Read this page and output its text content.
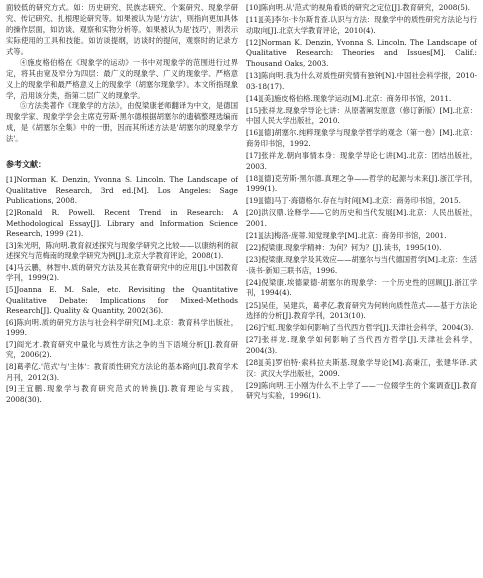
面较低的研究方式。如：历史研究、民族志研究、个案研究、现象学研究、传记研究、扎根理论研究等。如果被认为是'方法'，则指向更加具体的操作层面，如访谈、观察和实物分析等。如果被认为是'技巧'，则表示实际使用的工具和技能。如访谈提纲，访谈时的提问，观察时的记录方式等。

④施皮格伯格在《现象学的运动》一书中对现象学的范围进行过界定，将其由宽及窄分为四层：最广义的现象学、广义的现象学、严格意义上的现象学和最严格意义上的现象学（胡塞尔现象学）。本文所指现象学，沿用该分类，指第二层广义的现象学。

⑤方法类著作《现象学的方法》，由倪梁康老师翻译为中文，是德国现象学家、现象学学会主席克劳斯·黑尔德根据胡塞尔的遗稿整理选编而成，是《胡塞尔全集》中的一册，因而其所述方法是'胡塞尔的现象学方法'。

参考文献：

[1]Norman K. Denzin, Yvonna S. Lincoln. The Landscape of Qualitative Research, 3rd ed.[M]. Los Angeles: Sage Publications, 2008.

[2]Ronald R. Powell. Recent Trend in Research: A Methodological Essay[J]. Library and Information Science Research, 1999 (21).

[3]朱光明，陈向明.教育叙述探究与现象学研究之比较——以康纳利的叙述探究与范梅南的现象学研究为例[J].北京大学教育评论，2008(1).

[4]马云鹏，林智中.质的研究方法及其在教育研究中的应用[J].中国教育学刊，1999(2).

[5]Joanna E. M. Sale, etc. Revisiting the Quantitative Qualitative Debate: Implications for Mixed-Methods Research[J]. Quality & Quantity, 2002(36).

[6]陈向明.质的研究方法与社会科学研究[M].北京：教育科学出版社，1999.

[7]阎光才.教育研究中量化与质性方法之争的当下语境分析[J].教育研究，2006(2).

[8]葛孝亿.'范式'与'主体'：教育质性研究方法论的基本路向[J].教育学术月刊，2012(3).

[9]王宜鹏.现象学与教育研究范式的转换[J].教育理论与实践，2008(30).

[10]陈向明.从'范式'的视角看质的研究之定位[J].教育研究，2008(5).

[11][美]李尔·卡尔斯肯查.认识与方法：现象学中的质性研究方法论与行动取向[J].北京大学教育评论，2010(4).

[12]Norman K. Denzin, Yvonna S. Lincoln. The Landscape of Qualitative Research: Theories and Issues[M]. Calif.: Thousand Oaks, 2003.

[13]陈向明.我为什么对质性研究情有独钟[N].中国社会科学报，2010-03-18(17).

[14][美]施皮格伯格.现象学运动[M].北京：商务印书馆，2011.

[15]张祥龙.现象学导论七讲：从原著阐发原意（修订新版）[M].北京：中国人民大学出版社，2010.

[16][德]胡塞尔.纯粹现象学与现象学哲学的观念（第一卷）[M].北京：商务印书馆，1992.

[17]张祥龙.朝向事情本身：现象学导论七讲[M].北京：团结出版社，2003.

[18][德]克劳斯·黑尔德.真理之争——哲学的起源与未来[J].浙江学刊，1999(1).

[19][德]马丁·海德格尔.存在与时间[M].北京：商务印书馆，2015.

[20]洪汉鼎.诠释学——它的历史和当代发展[M].北京：人民出版社，2001.

[21][法]梅洛-庞蒂.知觉现象学[M].北京：商务印书馆，2001.

[22]倪梁康.现象学精神：为何？何为？[J].读书，1995(10).

[23]倪梁康.现象学及其效应——胡塞尔与当代德国哲学[M].北京：生活·读书·新知三联书店，1996.

[24]倪梁康.埃德蒙德·胡塞尔的现象学：一个历史性的回顾[J].浙江学刊，1994(4).

[25]吴佳，吴建兵，葛孝亿.教育研究为何转向质性范式——基于方法论选择的分析[J].教育学刊，2013(10).

[26]宁虹.现象学如何影响了当代西方哲学[J].天津社会科学，2004(3).

[27]张祥龙.现象学如何影响了当代西方哲学[J].天津社会科学，2004(3).

[28][美]罗伯特·索科拉夫斯基.现象学导论[M].高秉江，张建华译.武汉：武汉大学出版社，2009.

[29]陈向明.王小刚为什么不上学了——一位辍学生的个案调查[J].教育研究与实验，1996(1).
